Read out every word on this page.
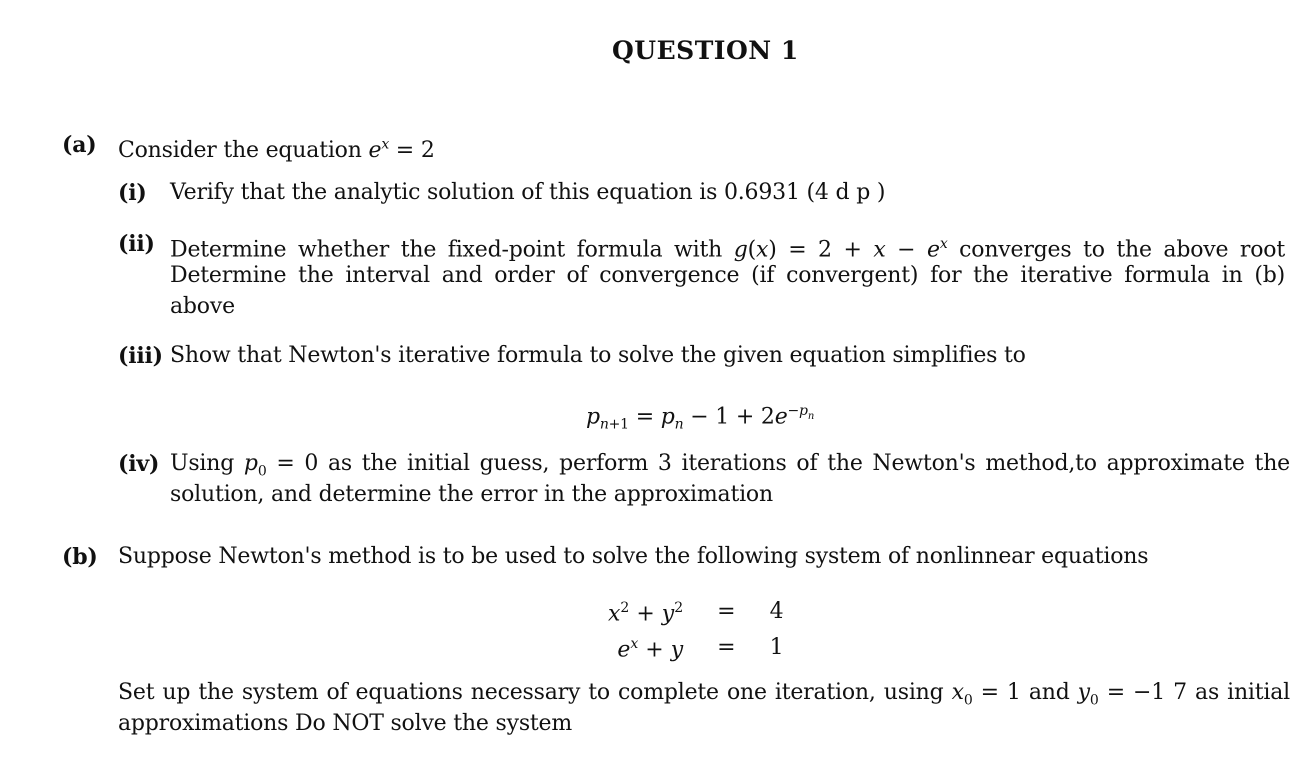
QUESTION 1
(a) Consider the equation $e^x = 2$
(i) Verify that the analytic solution of this equation is 0.6931 (4 d p )
(ii) Determine whether the fixed-point formula with $g(x) = 2 + x - e^x$ converges to the above root
Determine the interval and order of convergence (if convergent) for the iterative formula in (b)
above
(iii) Show that Newton's iterative formula to solve the given equation simplifies to
$p_{n+1} = p_n - 1 + 2e^{-p_n}$
(iv) Using $p_0 = 0$ as the initial guess, perform 3 iterations of the Newton's method,to approximate the
solution, and determine the error in the approximation
(b) Suppose Newton's method is to be used to solve the following system of nonlinnear equations
$x^2 + y^2$	=	4
$e^x + y$	=	1
Set up the system of equations necessary to complete one iteration, using $x_0 = 1$ and $y_0 = -1$ 7 as initial
approximations Do NOT solve the system
